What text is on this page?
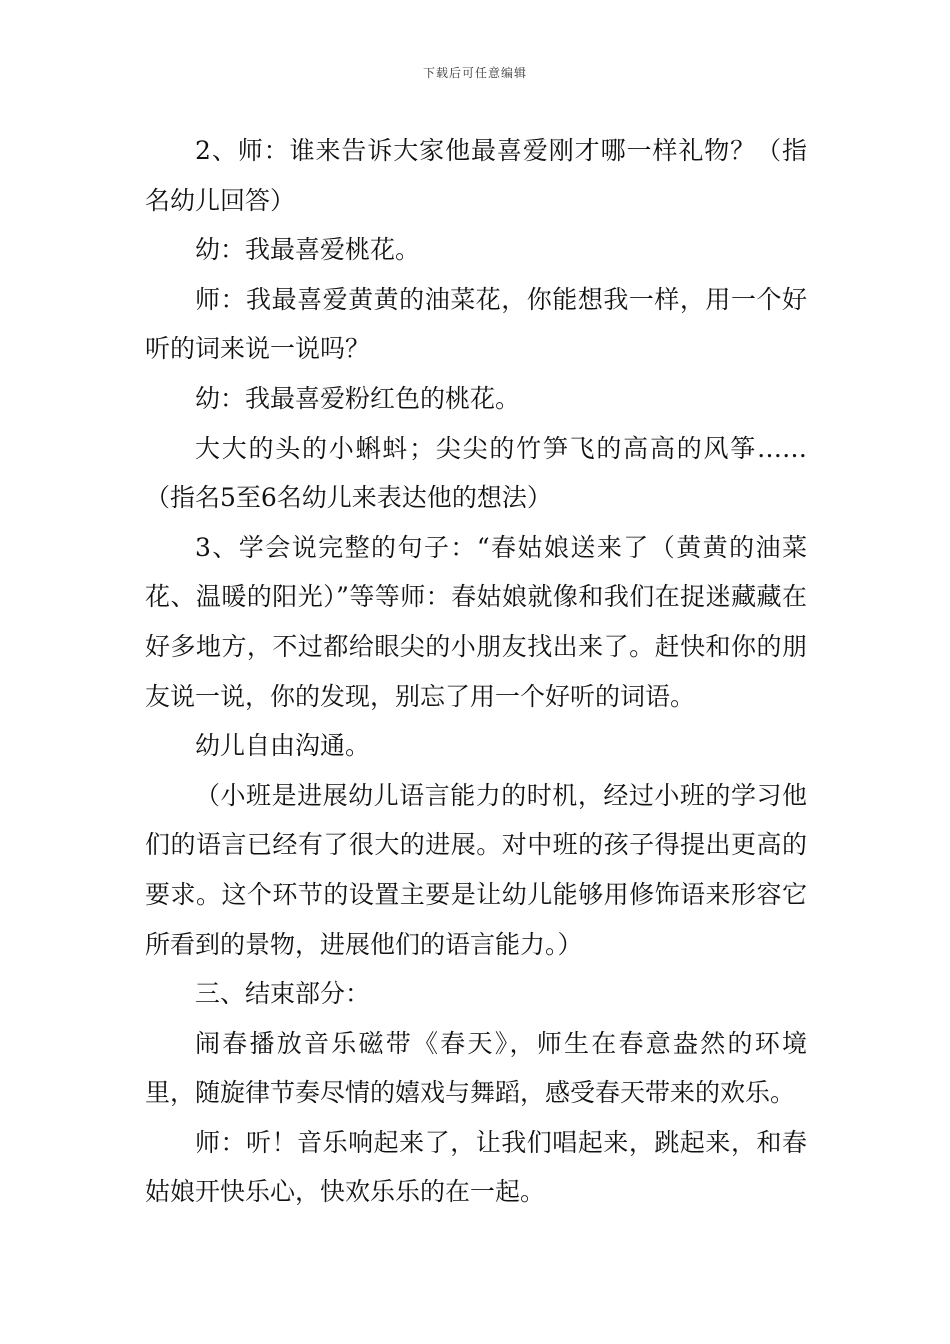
下载后可任意编辑

2、师：谁来告诉大家他最喜爱刚才哪一样礼物？（指名幼儿回答）

幼：我最喜爱桃花。

师：我最喜爱黄黄的油菜花，你能想我一样，用一个好听的词来说一说吗？

幼：我最喜爱粉红色的桃花。

大大的头的小蝌蚪；尖尖的竹笋飞的高高的风筝……（指名5至6名幼儿来表达他的想法）

3、学会说完整的句子：“春姑娘送来了（黄黄的油菜花、温暖的阳光）”等等师：春姑娘就像和我们在捉迷藏藏在好多地方，不过都给眼尖的小朋友找出来了。赶快和你的朋友说一说，你的发现，别忘了用一个好听的词语。

幼儿自由沟通。

（小班是进展幼儿语言能力的时机，经过小班的学习他们的语言已经有了很大的进展。对中班的孩子得提出更高的要求。这个环节的设置主要是让幼儿能够用修饰语来形容它所看到的景物，进展他们的语言能力。）

三、结束部分：

闹春播放音乐磁带《春天》，师生在春意盎然的环境里，随旋律节奏尽情的嬉戏与舞蹈，感受春天带来的欢乐。

师：听！音乐响起来了，让我们唱起来，跳起来，和春姑娘开快乐心，快欢乐乐的在一起。
